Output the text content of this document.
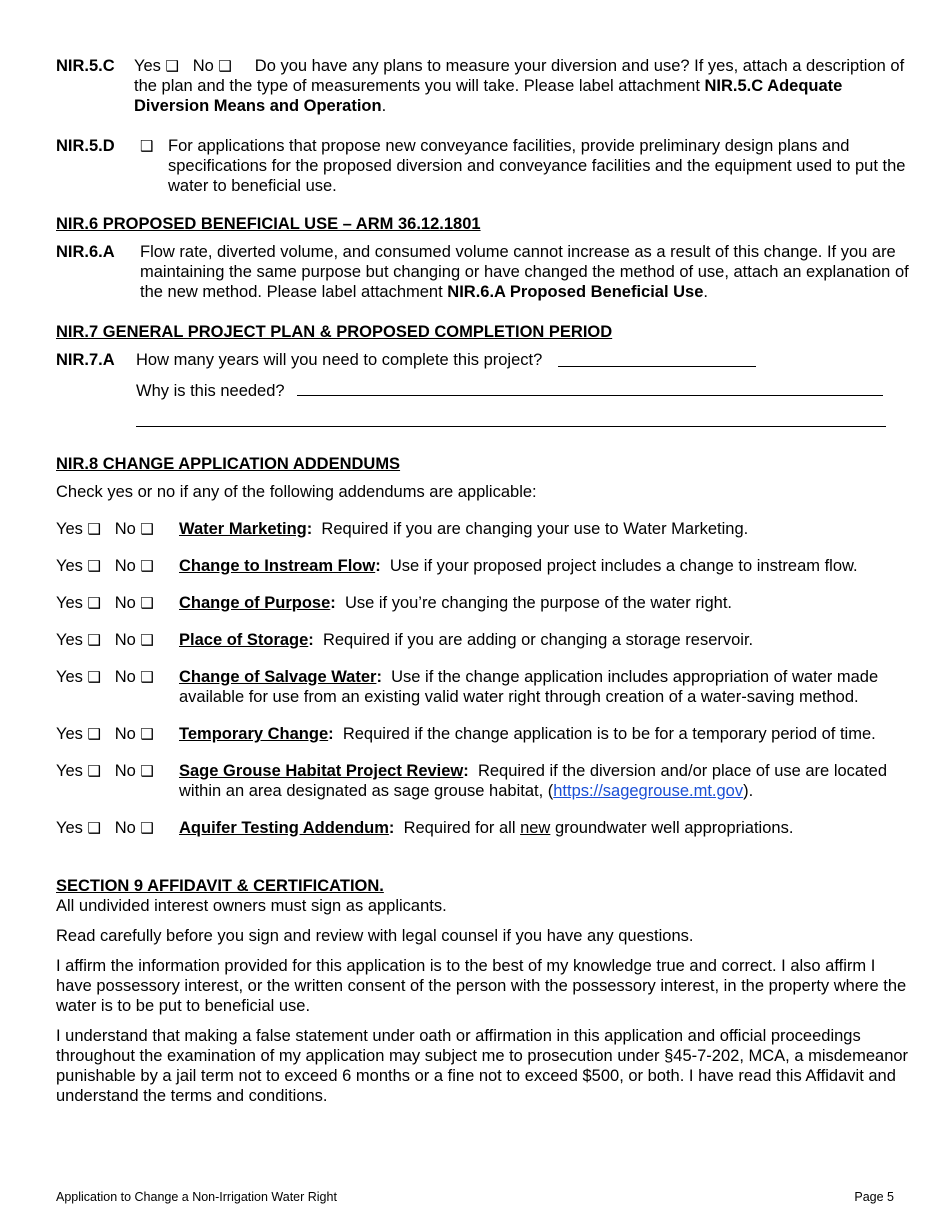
NIR.5.C	Yes ❑ No ❑ Do you have any plans to measure your diversion and use? If yes, attach a description of the plan and the type of measurements you will take. Please label attachment NIR.5.C Adequate Diversion Means and Operation.
NIR.5.D	❑ For applications that propose new conveyance facilities, provide preliminary design plans and specifications for the proposed diversion and conveyance facilities and the equipment used to put the water to beneficial use.
NIR.6 PROPOSED BENEFICIAL USE – ARM 36.12.1801
NIR.6.A	Flow rate, diverted volume, and consumed volume cannot increase as a result of this change. If you are maintaining the same purpose but changing or have changed the method of use, attach an explanation of the new method. Please label attachment NIR.6.A Proposed Beneficial Use.
NIR.7 GENERAL PROJECT PLAN & PROPOSED COMPLETION PERIOD
NIR.7.A	How many years will you need to complete this project?
Why is this needed?
NIR.8 CHANGE APPLICATION ADDENDUMS
Check yes or no if any of the following addendums are applicable:
Yes ❑ No ❑	Water Marketing: Required if you are changing your use to Water Marketing.
Yes ❑ No ❑	Change to Instream Flow: Use if your proposed project includes a change to instream flow.
Yes ❑ No ❑	Change of Purpose: Use if you’re changing the purpose of the water right.
Yes ❑ No ❑	Place of Storage: Required if you are adding or changing a storage reservoir.
Yes ❑ No ❑	Change of Salvage Water: Use if the change application includes appropriation of water made available for use from an existing valid water right through creation of a water-saving method.
Yes ❑ No ❑	Temporary Change: Required if the change application is to be for a temporary period of time.
Yes ❑ No ❑	Sage Grouse Habitat Project Review: Required if the diversion and/or place of use are located within an area designated as sage grouse habitat, (https://sagegrouse.mt.gov).
Yes ❑ No ❑	Aquifer Testing Addendum: Required for all new groundwater well appropriations.
SECTION 9 AFFIDAVIT & CERTIFICATION.
All undivided interest owners must sign as applicants.
Read carefully before you sign and review with legal counsel if you have any questions.
I affirm the information provided for this application is to the best of my knowledge true and correct. I also affirm I have possessory interest, or the written consent of the person with the possessory interest, in the property where the water is to be put to beneficial use.
I understand that making a false statement under oath or affirmation in this application and official proceedings throughout the examination of my application may subject me to prosecution under §45-7-202, MCA, a misdemeanor punishable by a jail term not to exceed 6 months or a fine not to exceed $500, or both. I have read this Affidavit and understand the terms and conditions.
Application to Change a Non-Irrigation Water Right	Page 5
